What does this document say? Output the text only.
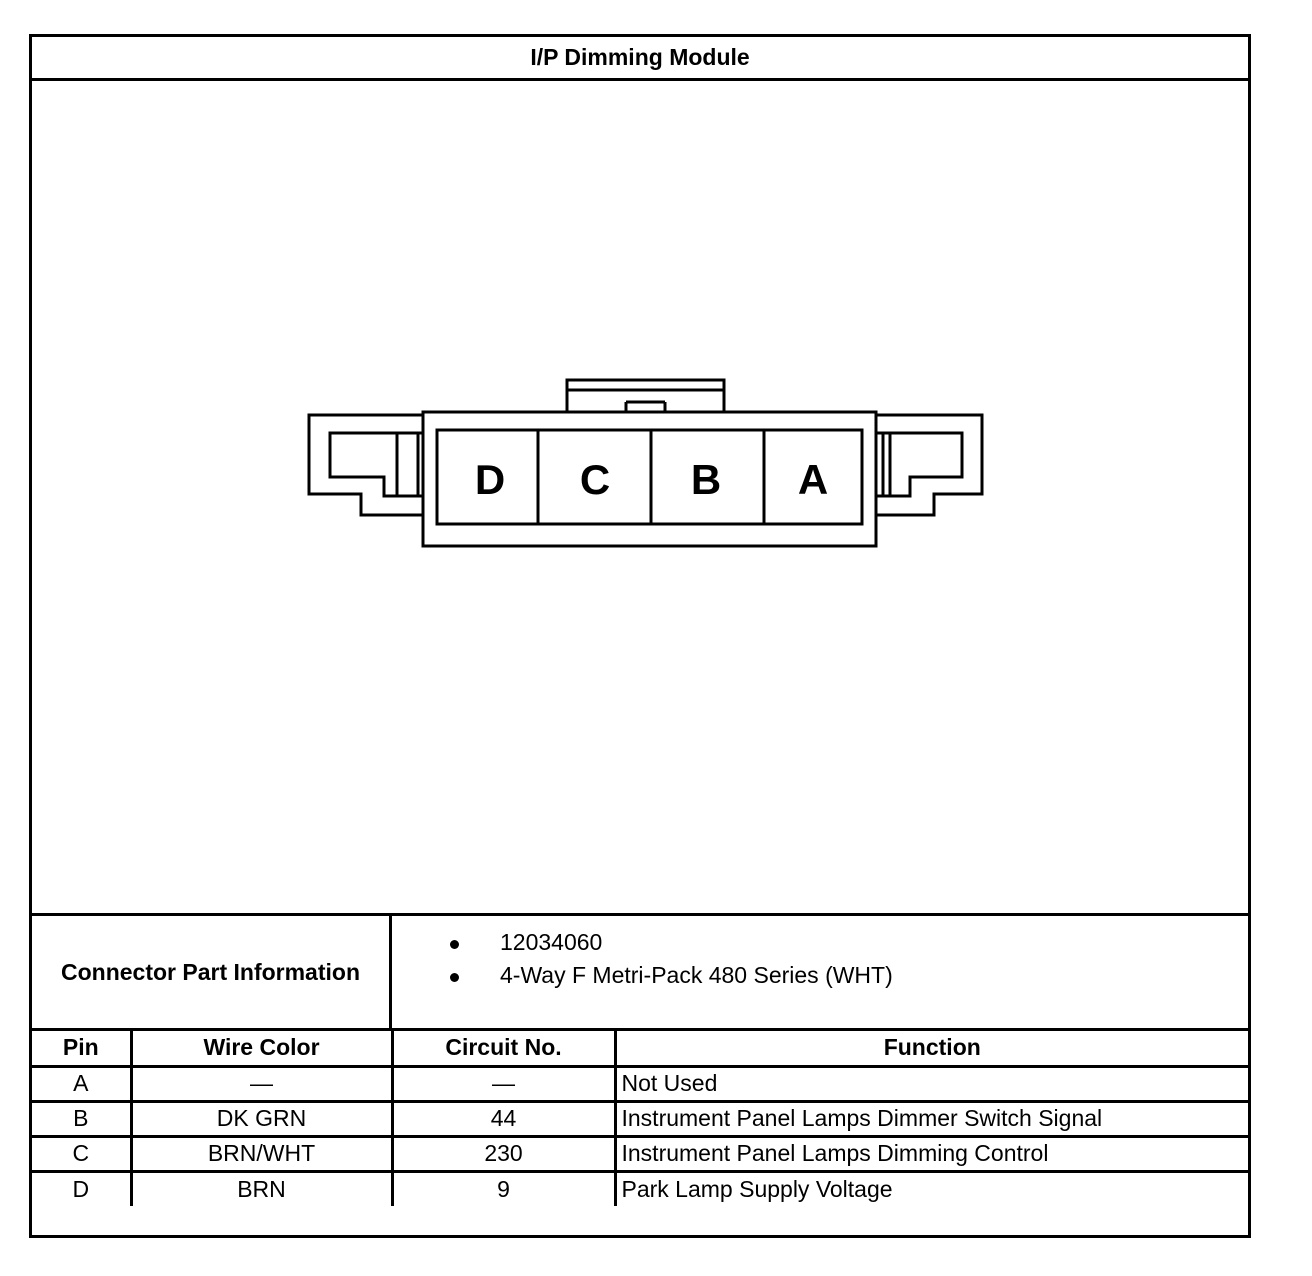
I/P Dimming Module
D C B A
Connector Part Information
12034060
4-Way F Metri-Pack 480 Series (WHT)
Pin	Wire Color	Circuit No.	Function
A	—	—	Not Used
B	DK GRN	44	Instrument Panel Lamps Dimmer Switch Signal
C	BRN/WHT	230	Instrument Panel Lamps Dimming Control
D	BRN	9	Park Lamp Supply Voltage
